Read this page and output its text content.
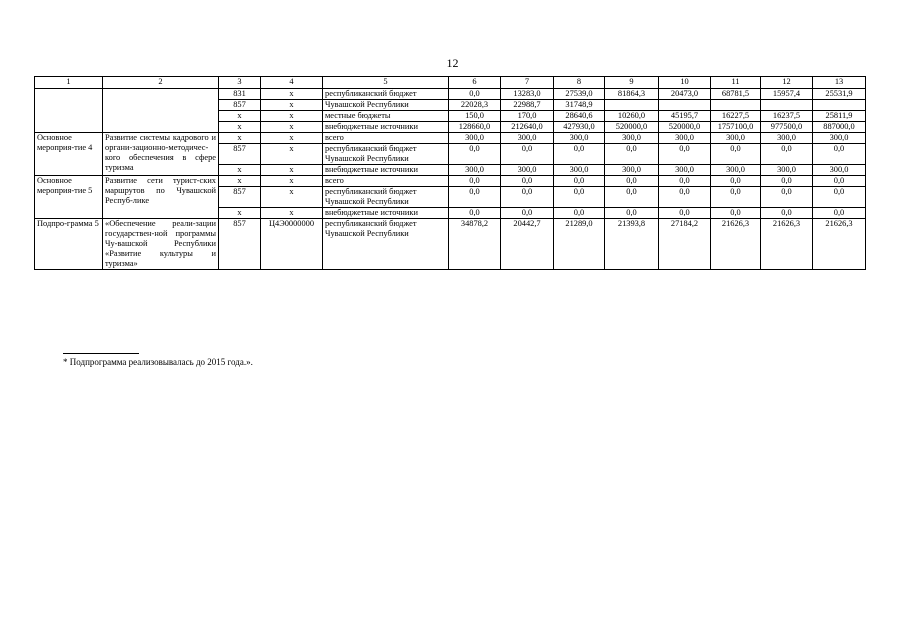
12
1	2	3	4	5	6	7	8	9	10	11	12	13
		831	x	республиканский бюджет	0,0	13283,0	27539,0	81864,3	20473,0	68781,5	15957,4	25531,9
		857	x	Чувашской Республики	22028,3	22988,7	31748,9					
		x	x	местные бюджеты	150,0	170,0	28640,6	10260,0	45195,7	16227,5	16237,5	25811,9
		x	x	внебюджетные источники	128660,0	212640,0	427930,0	520000,0	520000,0	1757100,0	977500,0	887000,0
Основное мероприя-тие 4	Развитие системы кадрового и органи-зационно-методичес-кого обеспечения в сфере туризма	x	x	всего	300,0	300,0	300,0	300,0	300,0	300,0	300,0	300,0
		857	x	республиканский бюджет Чувашской Республики	0,0	0,0	0,0	0,0	0,0	0,0	0,0	0,0
		x	x	внебюджетные источники	300,0	300,0	300,0	300,0	300,0	300,0	300,0	300,0
Основное мероприя-тие 5	Развитие сети турист-ских маршрутов по Чувашской Респуб-лике	x	x	всего	0,0	0,0	0,0	0,0	0,0	0,0	0,0	0,0
		857	x	республиканский бюджет Чувашской Республики	0,0	0,0	0,0	0,0	0,0	0,0	0,0	0,0
		x	x	внебюджетные источники	0,0	0,0	0,0	0,0	0,0	0,0	0,0	0,0
Подпро-грамма 5	«Обеспечение реали-зации государствен-ной программы Чу-вашской Республики «Развитие культуры и туризма»	857	Ц4Э0000000	республиканский бюджет Чувашской Республики	34878,2	20442,7	21289,0	21393,8	27184,2	21626,3	21626,3	21626,3
* Подпрограмма реализовывалась до 2015 года.».
